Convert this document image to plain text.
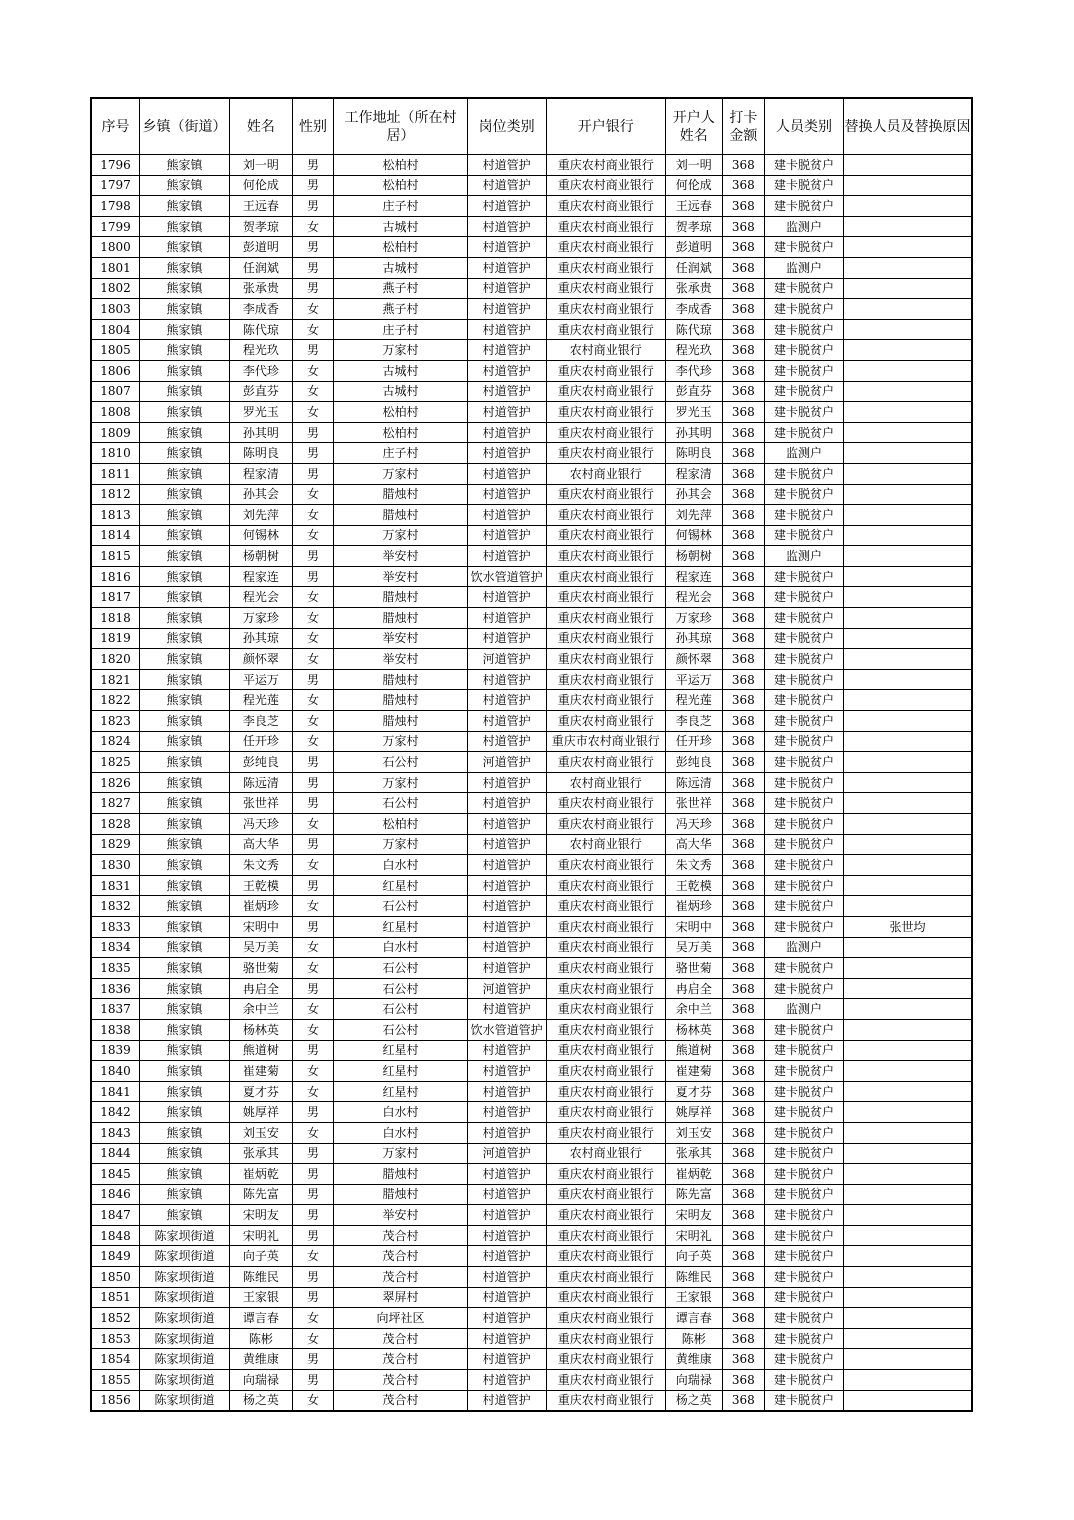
序号	乡镇（街道）	姓名	性别	工作地址（所在村居）	岗位类别	开户银行	开户人姓名	打卡金额	人员类别	替换人员及替换原因
1796	熊家镇	刘一明	男	松柏村	村道管护	重庆农村商业银行	刘一明	368	建卡脱贫户	
1797	熊家镇	何伦成	男	松柏村	村道管护	重庆农村商业银行	何伦成	368	建卡脱贫户	
1798	熊家镇	王远春	男	庄子村	村道管护	重庆农村商业银行	王远春	368	建卡脱贫户	
1799	熊家镇	贺孝琼	女	古城村	村道管护	重庆农村商业银行	贺孝琼	368	监测户	
1800	熊家镇	彭道明	男	松柏村	村道管护	重庆农村商业银行	彭道明	368	建卡脱贫户	
1801	熊家镇	任润斌	男	古城村	村道管护	重庆农村商业银行	任润斌	368	监测户	
1802	熊家镇	张承贵	男	燕子村	村道管护	重庆农村商业银行	张承贵	368	建卡脱贫户	
1803	熊家镇	李成香	女	燕子村	村道管护	重庆农村商业银行	李成香	368	建卡脱贫户	
1804	熊家镇	陈代琼	女	庄子村	村道管护	重庆农村商业银行	陈代琼	368	建卡脱贫户	
1805	熊家镇	程光玖	男	万家村	村道管护	农村商业银行	程光玖	368	建卡脱贫户	
1806	熊家镇	李代珍	女	古城村	村道管护	重庆农村商业银行	李代珍	368	建卡脱贫户	
1807	熊家镇	彭直芬	女	古城村	村道管护	重庆农村商业银行	彭直芬	368	建卡脱贫户	
1808	熊家镇	罗光玉	女	松柏村	村道管护	重庆农村商业银行	罗光玉	368	建卡脱贫户	
1809	熊家镇	孙其明	男	松柏村	村道管护	重庆农村商业银行	孙其明	368	建卡脱贫户	
1810	熊家镇	陈明良	男	庄子村	村道管护	重庆农村商业银行	陈明良	368	监测户	
1811	熊家镇	程家清	男	万家村	村道管护	农村商业银行	程家清	368	建卡脱贫户	
1812	熊家镇	孙其会	女	腊烛村	村道管护	重庆农村商业银行	孙其会	368	建卡脱贫户	
1813	熊家镇	刘先萍	女	腊烛村	村道管护	重庆农村商业银行	刘先萍	368	建卡脱贫户	
1814	熊家镇	何锡林	女	万家村	村道管护	重庆农村商业银行	何锡林	368	建卡脱贫户	
1815	熊家镇	杨朝树	男	举安村	村道管护	重庆农村商业银行	杨朝树	368	监测户	
1816	熊家镇	程家连	男	举安村	饮水管道管护	重庆农村商业银行	程家连	368	建卡脱贫户	
1817	熊家镇	程光会	女	腊烛村	村道管护	重庆农村商业银行	程光会	368	建卡脱贫户	
1818	熊家镇	万家珍	女	腊烛村	村道管护	重庆农村商业银行	万家珍	368	建卡脱贫户	
1819	熊家镇	孙其琼	女	举安村	村道管护	重庆农村商业银行	孙其琼	368	建卡脱贫户	
1820	熊家镇	颜怀翠	女	举安村	河道管护	重庆农村商业银行	颜怀翠	368	建卡脱贫户	
1821	熊家镇	平运万	男	腊烛村	村道管护	重庆农村商业银行	平运万	368	建卡脱贫户	
1822	熊家镇	程光莲	女	腊烛村	村道管护	重庆农村商业银行	程光莲	368	建卡脱贫户	
1823	熊家镇	李良芝	女	腊烛村	村道管护	重庆农村商业银行	李良芝	368	建卡脱贫户	
1824	熊家镇	任开珍	女	万家村	村道管护	重庆市农村商业银行	任开珍	368	建卡脱贫户	
1825	熊家镇	彭纯良	男	石公村	河道管护	重庆农村商业银行	彭纯良	368	建卡脱贫户	
1826	熊家镇	陈远清	男	万家村	村道管护	农村商业银行	陈远清	368	建卡脱贫户	
1827	熊家镇	张世祥	男	石公村	村道管护	重庆农村商业银行	张世祥	368	建卡脱贫户	
1828	熊家镇	冯天珍	女	松柏村	村道管护	重庆农村商业银行	冯天珍	368	建卡脱贫户	
1829	熊家镇	高大华	男	万家村	村道管护	农村商业银行	高大华	368	建卡脱贫户	
1830	熊家镇	朱文秀	女	白水村	村道管护	重庆农村商业银行	朱文秀	368	建卡脱贫户	
1831	熊家镇	王乾模	男	红星村	村道管护	重庆农村商业银行	王乾模	368	建卡脱贫户	
1832	熊家镇	崔炳珍	女	石公村	村道管护	重庆农村商业银行	崔炳珍	368	建卡脱贫户	
1833	熊家镇	宋明中	男	红星村	村道管护	重庆农村商业银行	宋明中	368	建卡脱贫户	张世均
1834	熊家镇	吴万美	女	白水村	村道管护	重庆农村商业银行	吴万美	368	监测户	
1835	熊家镇	骆世菊	女	石公村	村道管护	重庆农村商业银行	骆世菊	368	建卡脱贫户	
1836	熊家镇	冉启全	男	石公村	河道管护	重庆农村商业银行	冉启全	368	建卡脱贫户	
1837	熊家镇	余中兰	女	石公村	村道管护	重庆农村商业银行	余中兰	368	监测户	
1838	熊家镇	杨林英	女	石公村	饮水管道管护	重庆农村商业银行	杨林英	368	建卡脱贫户	
1839	熊家镇	熊道树	男	红星村	村道管护	重庆农村商业银行	熊道树	368	建卡脱贫户	
1840	熊家镇	崔建菊	女	红星村	村道管护	重庆农村商业银行	崔建菊	368	建卡脱贫户	
1841	熊家镇	夏才芬	女	红星村	村道管护	重庆农村商业银行	夏才芬	368	建卡脱贫户	
1842	熊家镇	姚厚祥	男	白水村	村道管护	重庆农村商业银行	姚厚祥	368	建卡脱贫户	
1843	熊家镇	刘玉安	女	白水村	村道管护	重庆农村商业银行	刘玉安	368	建卡脱贫户	
1844	熊家镇	张承其	男	万家村	河道管护	农村商业银行	张承其	368	建卡脱贫户	
1845	熊家镇	崔炳乾	男	腊烛村	村道管护	重庆农村商业银行	崔炳乾	368	建卡脱贫户	
1846	熊家镇	陈先富	男	腊烛村	村道管护	重庆农村商业银行	陈先富	368	建卡脱贫户	
1847	熊家镇	宋明友	男	举安村	村道管护	重庆农村商业银行	宋明友	368	建卡脱贫户	
1848	陈家坝街道	宋明礼	男	茂合村	村道管护	重庆农村商业银行	宋明礼	368	建卡脱贫户	
1849	陈家坝街道	向子英	女	茂合村	村道管护	重庆农村商业银行	向子英	368	建卡脱贫户	
1850	陈家坝街道	陈维民	男	茂合村	村道管护	重庆农村商业银行	陈维民	368	建卡脱贫户	
1851	陈家坝街道	王家银	男	翠屏村	村道管护	重庆农村商业银行	王家银	368	建卡脱贫户	
1852	陈家坝街道	谭言春	女	向坪社区	村道管护	重庆农村商业银行	谭言春	368	建卡脱贫户	
1853	陈家坝街道	陈彬	女	茂合村	村道管护	重庆农村商业银行	陈彬	368	建卡脱贫户	
1854	陈家坝街道	黄维康	男	茂合村	村道管护	重庆农村商业银行	黄维康	368	建卡脱贫户	
1855	陈家坝街道	向瑞禄	男	茂合村	村道管护	重庆农村商业银行	向瑞禄	368	建卡脱贫户	
1856	陈家坝街道	杨之英	女	茂合村	村道管护	重庆农村商业银行	杨之英	368	建卡脱贫户	
